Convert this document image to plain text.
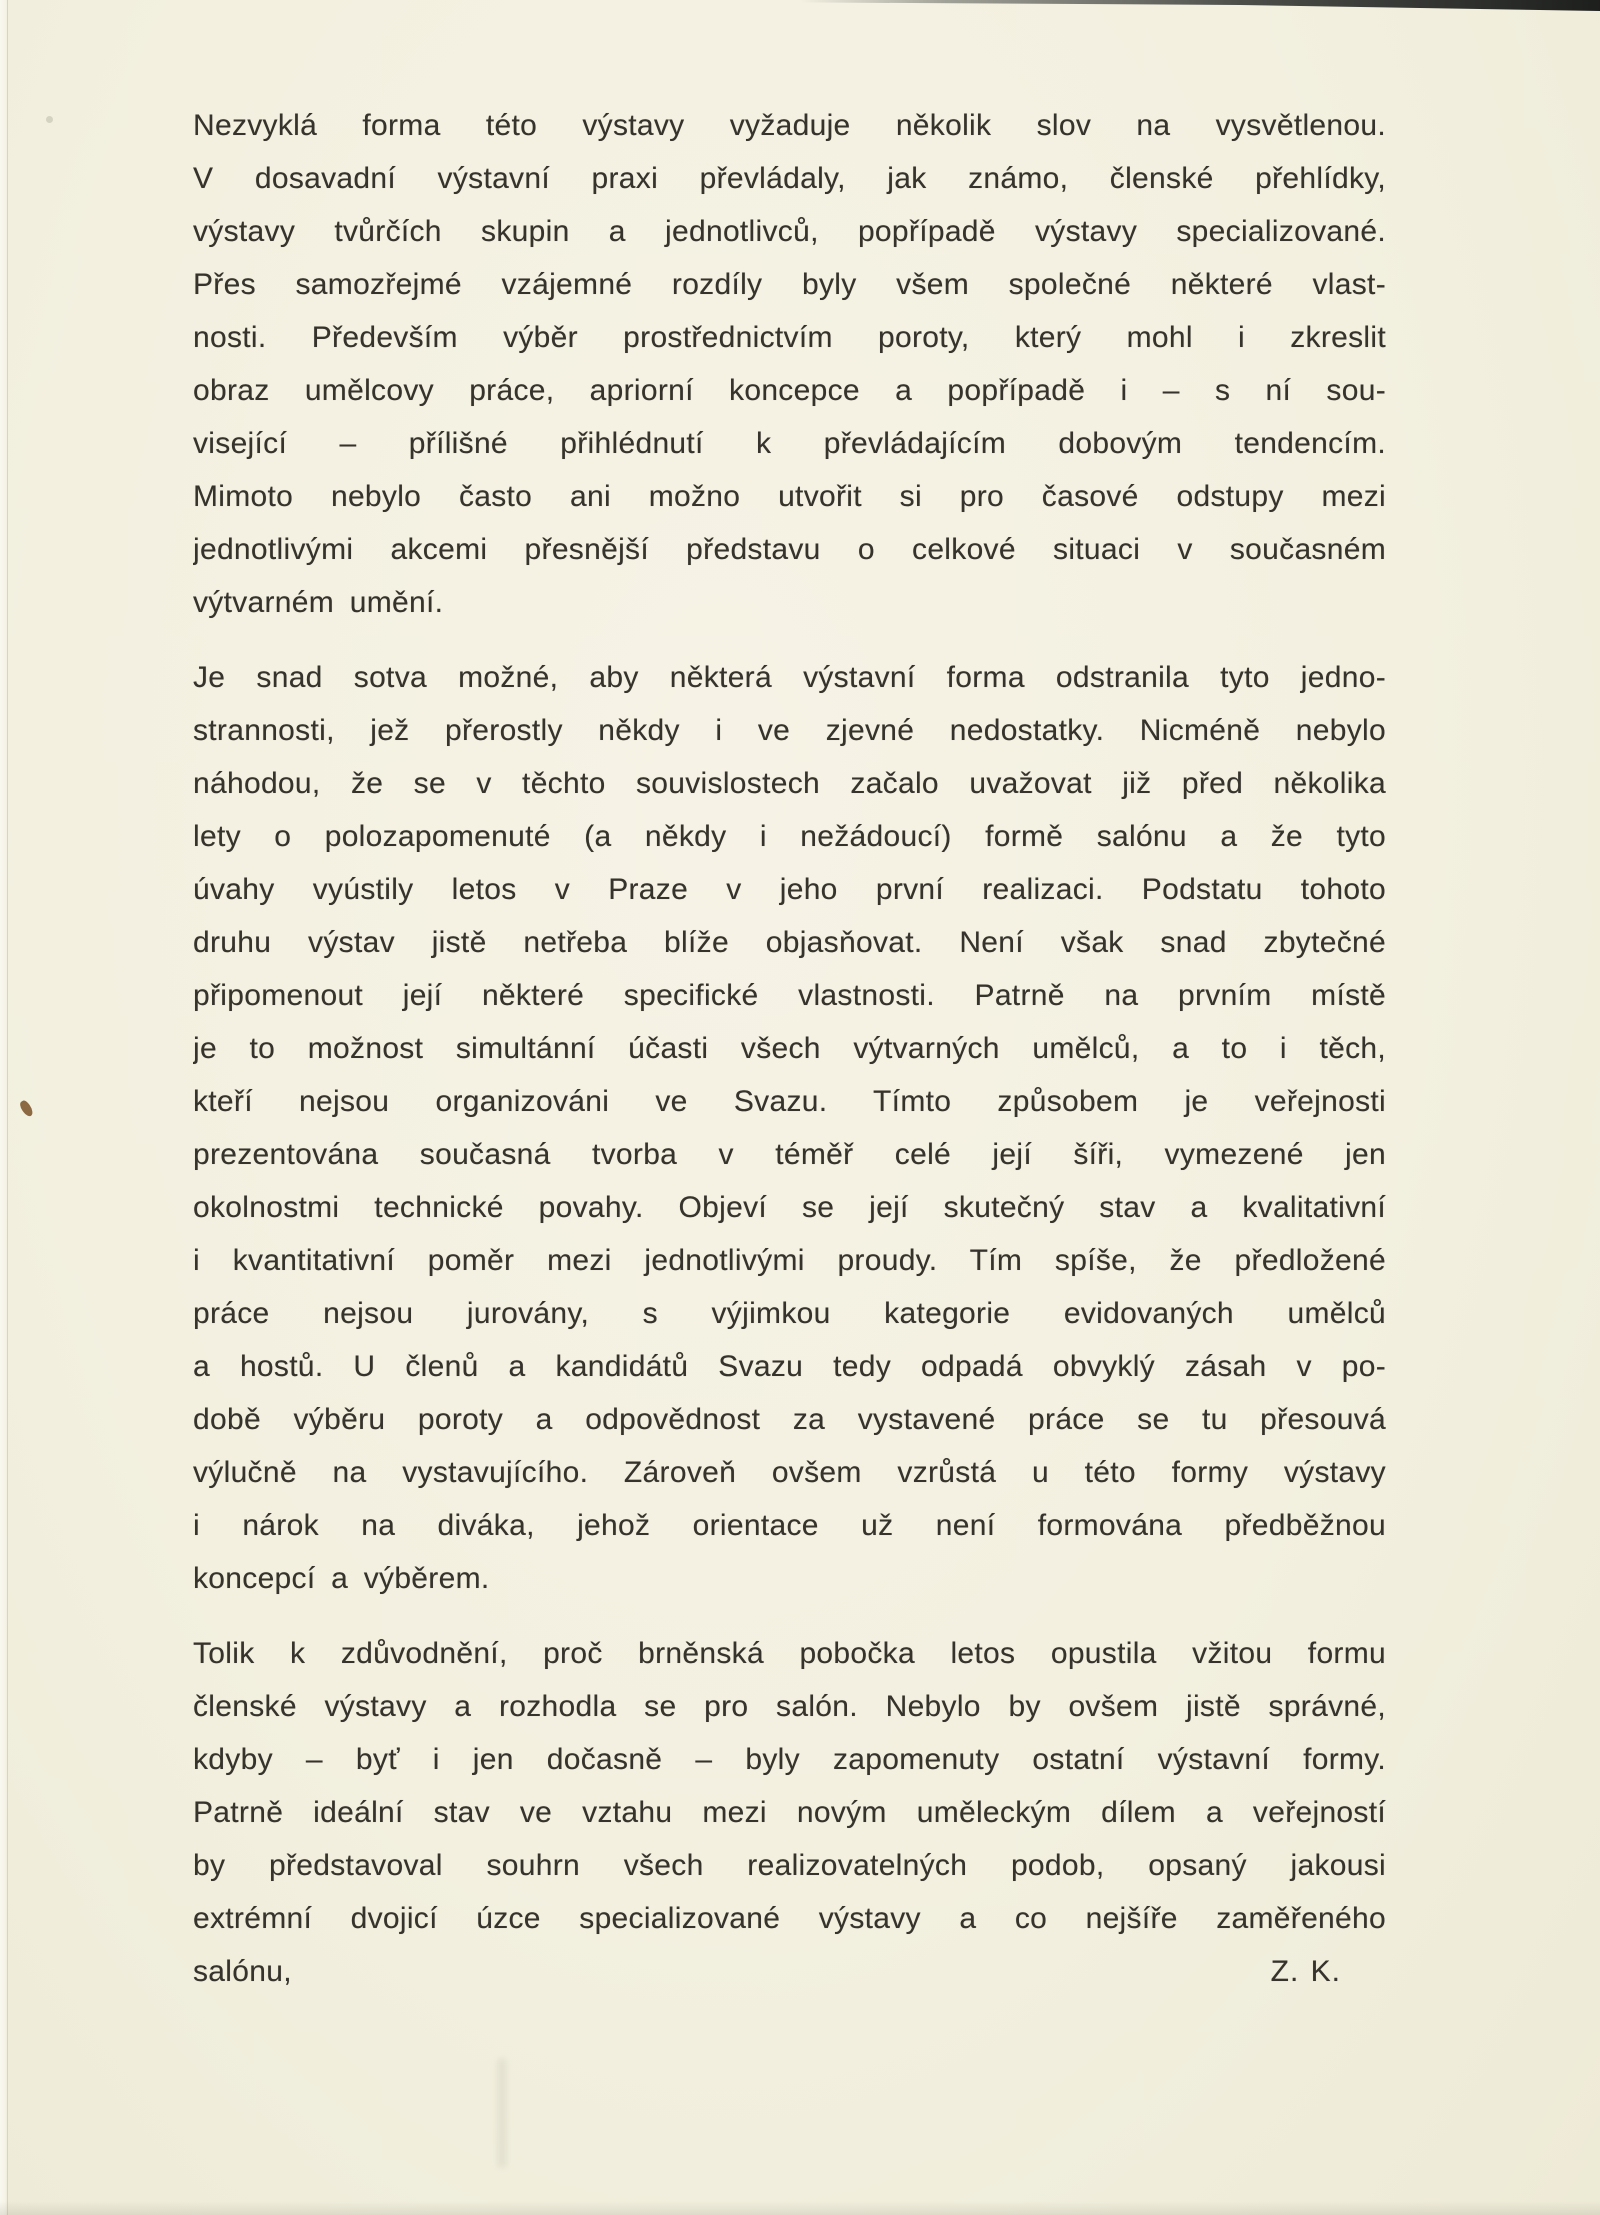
Nezvyklá forma této výstavy vyžaduje několik slov na vysvětlenou.
V dosavadní výstavní praxi převládaly, jak známo, členské přehlídky,
výstavy tvůrčích skupin a jednotlivců, popřípadě výstavy specializované.
Přes samozřejmé vzájemné rozdíly byly všem společné některé vlast-
nosti. Především výběr prostřednictvím poroty, který mohl i zkreslit
obraz umělcovy práce, apriorní koncepce a popřípadě i – s ní sou-
visející – přílišné přihlédnutí k převládajícím dobovým tendencím.
Mimoto nebylo často ani možno utvořit si pro časové odstupy mezi
jednotlivými akcemi přesnější představu o celkové situaci v současném
výtvarném umění.
Je snad sotva možné, aby některá výstavní forma odstranila tyto jedno-
strannosti, jež přerostly někdy i ve zjevné nedostatky. Nicméně nebylo
náhodou, že se v těchto souvislostech začalo uvažovat již před několika
lety o polozapomenuté (a někdy i nežádoucí) formě salónu a že tyto
úvahy vyústily letos v Praze v jeho první realizaci. Podstatu tohoto
druhu výstav jistě netřeba blíže objasňovat. Není však snad zbytečné
připomenout její některé specifické vlastnosti. Patrně na prvním místě
je to možnost simultánní účasti všech výtvarných umělců, a to i těch,
kteří nejsou organizováni ve Svazu. Tímto způsobem je veřejnosti
prezentována současná tvorba v téměř celé její šíři, vymezené jen
okolnostmi technické povahy. Objeví se její skutečný stav a kvalitativní
i kvantitativní poměr mezi jednotlivými proudy. Tím spíše, že předložené
práce nejsou jurovány, s výjimkou kategorie evidovaných umělců
a hostů. U členů a kandidátů Svazu tedy odpadá obvyklý zásah v po-
době výběru poroty a odpovědnost za vystavené práce se tu přesouvá
výlučně na vystavujícího. Zároveň ovšem vzrůstá u této formy výstavy
i nárok na diváka, jehož orientace už není formována předběžnou
koncepcí a výběrem.
Tolik k zdůvodnění, proč brněnská pobočka letos opustila vžitou formu
členské výstavy a rozhodla se pro salón. Nebylo by ovšem jistě správné,
kdyby – byť i jen dočasně – byly zapomenuty ostatní výstavní formy.
Patrně ideální stav ve vztahu mezi novým uměleckým dílem a veřejností
by představoval souhrn všech realizovatelných podob, opsaný jakousi
extrémní dvojicí úzce specializované výstavy a co nejšíře zaměřeného
salónu,	Z. K.
